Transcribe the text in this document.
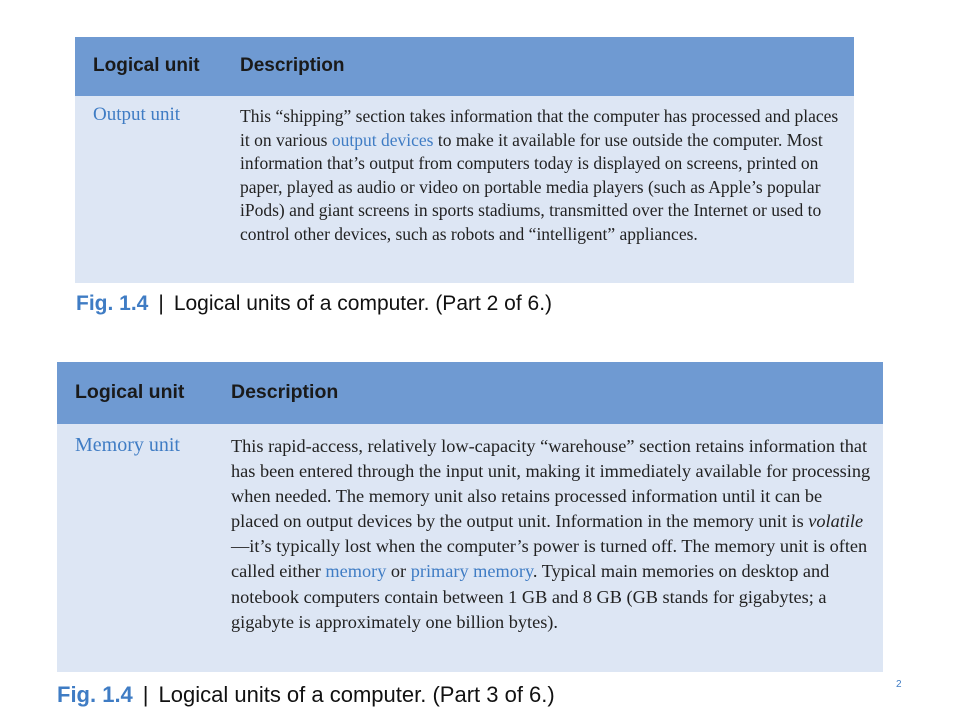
Logical unit Description
Output unit	This “shipping” section takes information that the computer has processed and places it on various output devices to make it available for use outside the computer. Most information that’s output from computers today is displayed on screens, printed on paper, played as audio or video on portable media players (such as Apple’s popular iPods) and giant screens in sports stadiums, transmitted over the Internet or used to control other devices, such as robots and “intelligent” appliances.
Fig. 1.4 | Logical units of a computer. (Part 2 of 6.)
Logical unit Description
Memory unit	This rapid-access, relatively low-capacity “warehouse” section retains information that has been entered through the input unit, making it immediately available for processing when needed. The memory unit also retains processed information until it can be placed on output devices by the output unit. Information in the memory unit is volatile—it’s typically lost when the computer’s power is turned off. The memory unit is often called either memory or primary memory. Typical main memories on desktop and notebook computers contain between 1 GB and 8 GB (GB stands for gigabytes; a gigabyte is approximately one billion bytes).
Fig. 1.4 | Logical units of a computer. (Part 3 of 6.)	2
